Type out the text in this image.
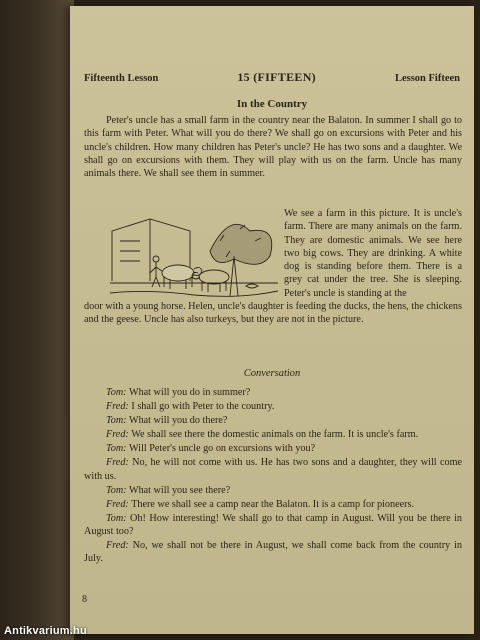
Fifteenth Lesson	15 (FIFTEEN)	Lesson Fifteen
In the Country
Peter's uncle has a small farm in the country near the Balaton. In summer I shall go to this farm with Peter. What will you do there? We shall go on excursions with Peter and his uncle's children. How many children has Peter's uncle? He has two sons and a daughter. We shall go on excursions with them. They will play with us on the farm. Uncle has many animals there. We shall see them in summer.
We see a farm in this picture. It is uncle's farm. There are many animals on the farm. They are domestic animals. We see here two big cows. They are drinking. A white dog is standing before them. There is a grey cat under the tree. She is sleeping. Peter's uncle is standing at the
door with a young horse. Helen, uncle's daughter is feeding the ducks, the hens, the chickens and the geese. Uncle has also turkeys, but they are not in the picture.
Conversation

Tom: What will you do in summer?

Fred: I shall go with Peter to the country.

Tom: What will you do there?

Fred: We shall see there the domestic animals on the farm. It is uncle's farm.

Tom: Will Peter's uncle go on excursions with you?

Fred: No, he will not come with us. He has two sons and a daughter, they will come with us.

Tom: What will you see there?

Fred: There we shall see a camp near the Balaton. It is a camp for pioneers.

Tom: Oh! How interesting! We shall go to that camp in August. Will you be there in August too?

Fred: No, we shall not be there in August, we shall come back from the country in July.

8
Antikvarium.hu
